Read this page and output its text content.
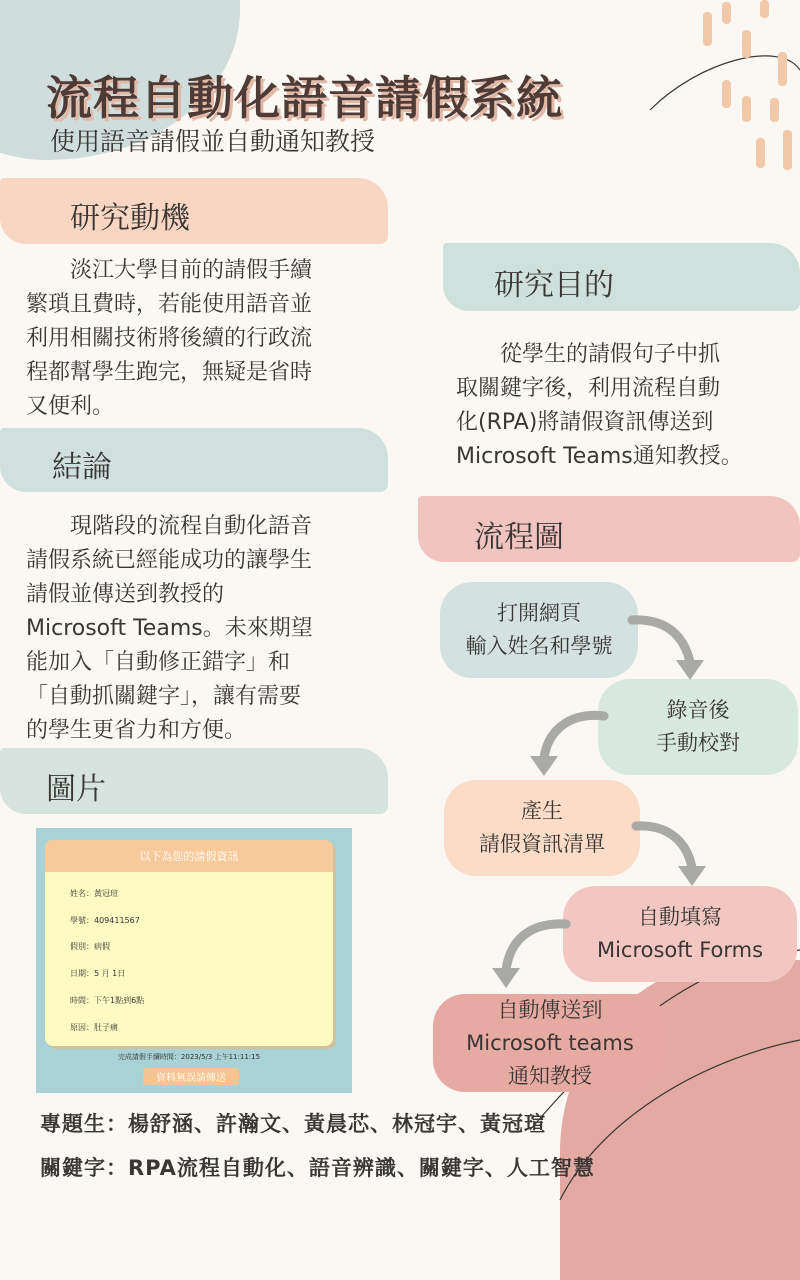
流程自動化語音請假系統
使用語音請假並自動通知教授
研究動機
　　淡江大學目前的請假手續
繁瑣且費時，若能使用語音並
利用相關技術將後續的行政流
程都幫學生跑完，無疑是省時
又便利。
結論
　　現階段的流程自動化語音
請假系統已經能成功的讓學生
請假並傳送到教授的
Microsoft Teams。未來期望
能加入「自動修正錯字」和
「自動抓關鍵字」，讓有需要
的學生更省力和方便。
圖片
以下為您的請假資訊
姓名：黃冠瑄
學號：409411567
假別：病假
日期：5 月 1日
時間：下午1點到6點
原因：肚子痛
完成請假手續時間：2023/5/3 上午11:11:15
資料無誤請傳送
研究目的
　　從學生的請假句子中抓
取關鍵字後，利用流程自動
化(RPA)將請假資訊傳送到
Microsoft Teams通知教授。
流程圖
打開網頁
輸入姓名和學號
錄音後
手動校對
產生
請假資訊清單
自動填寫
Microsoft Forms
自動傳送到
Microsoft teams
通知教授
專題生：楊舒涵、許瀚文、黃晨芯、林冠宇、黃冠瑄
關鍵字：RPA流程自動化、語音辨識、關鍵字、人工智慧
